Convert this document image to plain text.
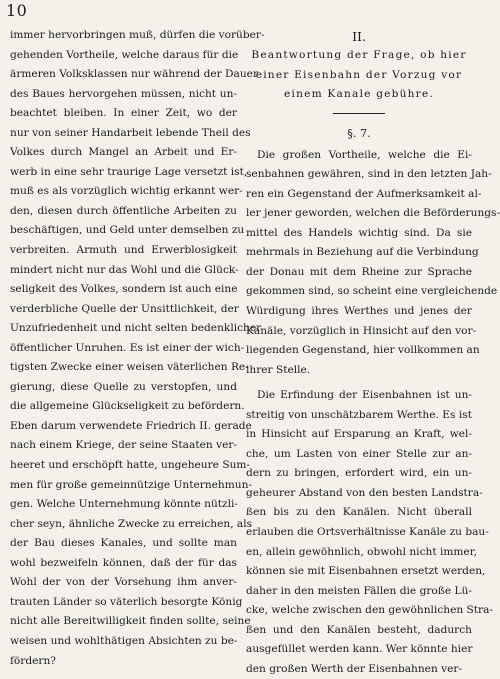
10
immer hervorbringen muß, dürfen die vorüber-
gehenden Vortheile, welche daraus für die
ärmeren Volksklassen nur während der Dauer
des Baues hervorgehen müssen, nicht un-
beachtet bleiben. In einer Zeit, wo der
nur von seiner Handarbeit lebende Theil des
Volkes durch Mangel an Arbeit und Er-
werb in eine sehr traurige Lage versetzt ist,
muß es als vorzüglich wichtig erkannt wer-
den, diesen durch öffentliche Arbeiten zu
beschäftigen, und Geld unter demselben zu
verbreiten. Armuth und Erwerblosigkeit
mindert nicht nur das Wohl und die Glück-
seligkeit des Volkes, sondern ist auch eine
verderbliche Quelle der Unsittlichkeit, der
Unzufriedenheit und nicht selten bedenklicher
öffentlicher Unruhen. Es ist einer der wich-
tigsten Zwecke einer weisen väterlichen Re-
gierung, diese Quelle zu verstopfen, und
die allgemeine Glückseligkeit zu befördern.
Eben darum verwendete Friedrich II. gerade
nach einem Kriege, der seine Staaten ver-
heeret und erschöpft hatte, ungeheure Sum-
men für große gemeinnützige Unternehmun-
gen. Welche Unternehmung könnte nützli-
cher seyn, ähnliche Zwecke zu erreichen, als
der Bau dieses Kanales, und sollte man
wohl bezweifeln können, daß der für das
Wohl der von der Vorsehung ihm anver-
trauten Länder so väterlich besorgte König
nicht alle Bereitwilligkeit finden sollte, seine
weisen und wohlthätigen Absichten zu be-
fördern?
II.
Beantwortung der Frage, ob hier
einer Eisenbahn der Vorzug vor
einem Kanale gebühre.
§. 7.
Die großen Vortheile, welche die Ei-
senbahnen gewähren, sind in den letzten Jah-
ren ein Gegenstand der Aufmerksamkeit al-
ler jener geworden, welchen die Beförderungs-
mittel des Handels wichtig sind. Da sie
mehrmals in Beziehung auf die Verbindung
der Donau mit dem Rheine zur Sprache
gekommen sind, so scheint eine vergleichende
Würdigung ihres Werthes und jenes der
Kanäle, vorzüglich in Hinsicht auf den vor-
liegenden Gegenstand, hier vollkommen an
ihrer Stelle.
Die Erfindung der Eisenbahnen ist un-
streitig von unschätzbarem Werthe. Es ist
in Hinsicht auf Ersparung an Kraft, wel-
che, um Lasten von einer Stelle zur an-
dern zu bringen, erfordert wird, ein un-
geheurer Abstand von den besten Landstra-
ßen bis zu den Kanälen. Nicht überall
erlauben die Ortsverhältnisse Kanäle zu bau-
en, allein gewöhnlich, obwohl nicht immer,
können sie mit Eisenbahnen ersetzt werden,
daher in den meisten Fällen die große Lü-
cke, welche zwischen den gewöhnlichen Stra-
ßen und den Kanälen besteht, dadurch
ausgefüllet werden kann. Wer könnte hier
den großen Werth der Eisenbahnen ver-
